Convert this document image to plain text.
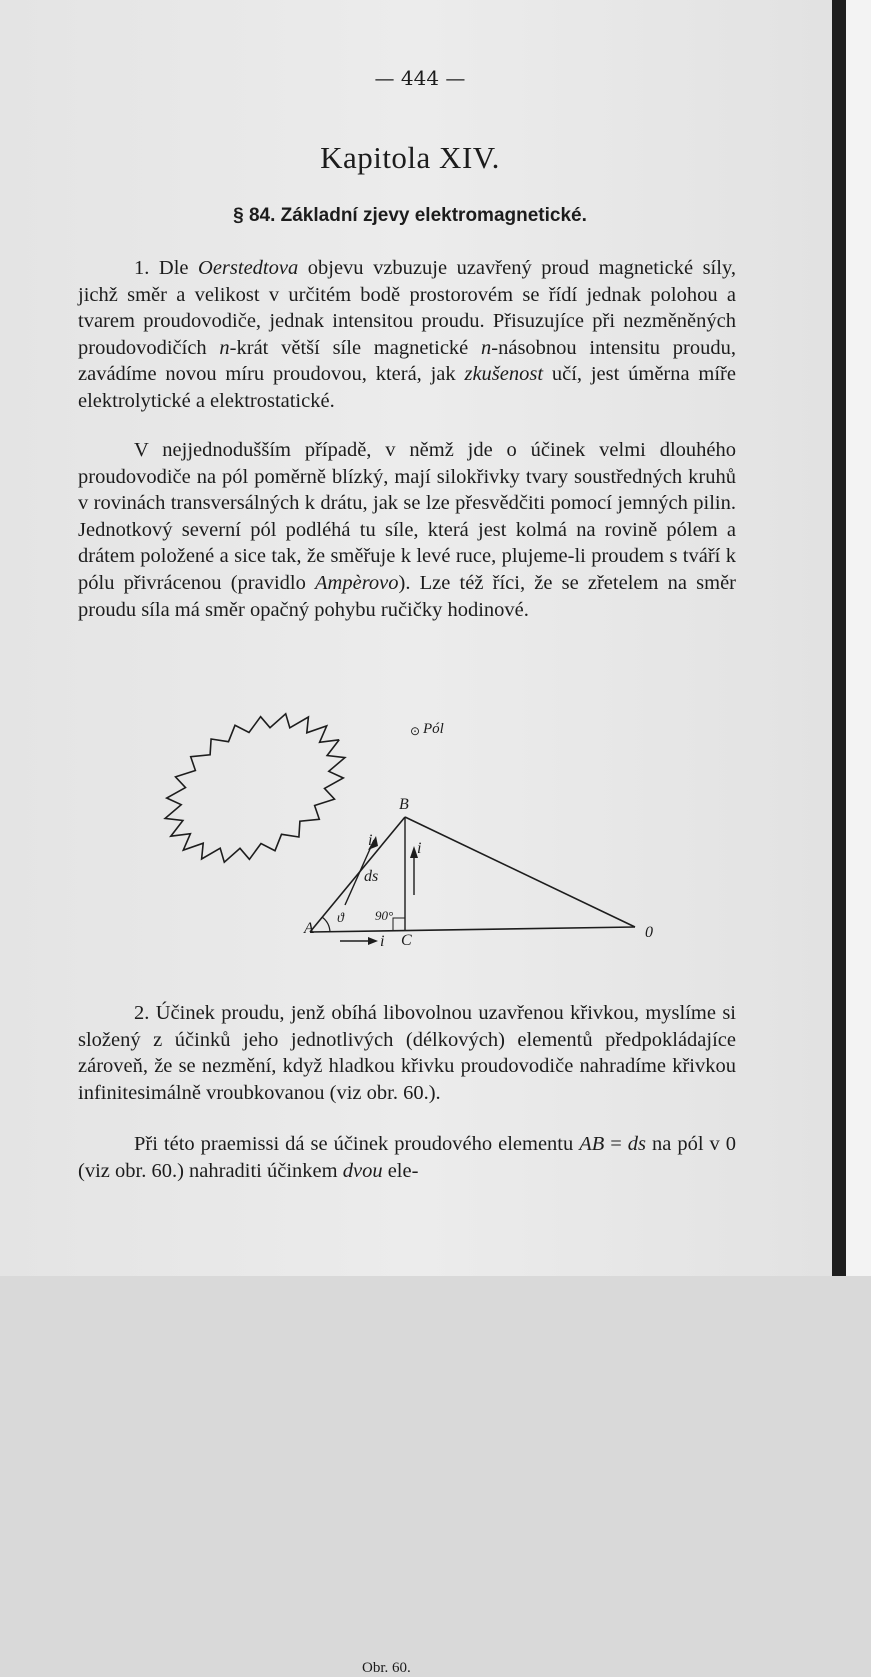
— 444 —
Kapitola XIV.
§ 84. Základní zjevy elektromagnetické.

1. Dle Oerstedtova objevu vzbuzuje uzavřený proud magnetické síly, jichž směr a velikost v určitém bodě prostorovém se řídí jednak polohou a tvarem proudovodiče, jednak intensitou proudu. Přisuzujíce při nezměněných proudovodičích n-krát větší síle magnetické n-násobnou intensitu proudu, zavádíme novou míru proudovou, která, jak zkušenost učí, jest úměrna míře elektrolytické a elektrostatické.

V nejjednodušším případě, v němž jde o účinek velmi dlouhého proudovodiče na pól poměrně blízký, mají silokřivky tvary soustředných kruhů v rovinách transversálných k drátu, jak se lze přesvědčiti pomocí jemných pilin. Jednotkový severní pól podléhá tu síle, která jest kolmá na rovině pólem a drátem položené a sice tak, že směřuje k levé ruce, plujeme-li proudem s tváří k pólu přivrácenou (pravidlo Ampèrovo). Lze též říci, že se zřetelem na směr proudu síla má směr opačný pohybu ručičky hodinové.

⊙ Pól
B
A
C	0
i	i
i
ds
ϑ 90°
Obr. 60.

2. Účinek proudu, jenž obíhá libovolnou uzavřenou křivkou, myslíme si složený z účinků jeho jednotlivých (délkových) elementů předpokládajíce zároveň, že se nezmění, když hladkou křivku proudovodiče nahradíme křivkou infinitesimálně vroubkovanou (viz obr. 60.).

Při této praemissi dá se účinek proudového elementu AB = ds na pól v 0 (viz obr. 60.) nahraditi účinkem dvou ele-
